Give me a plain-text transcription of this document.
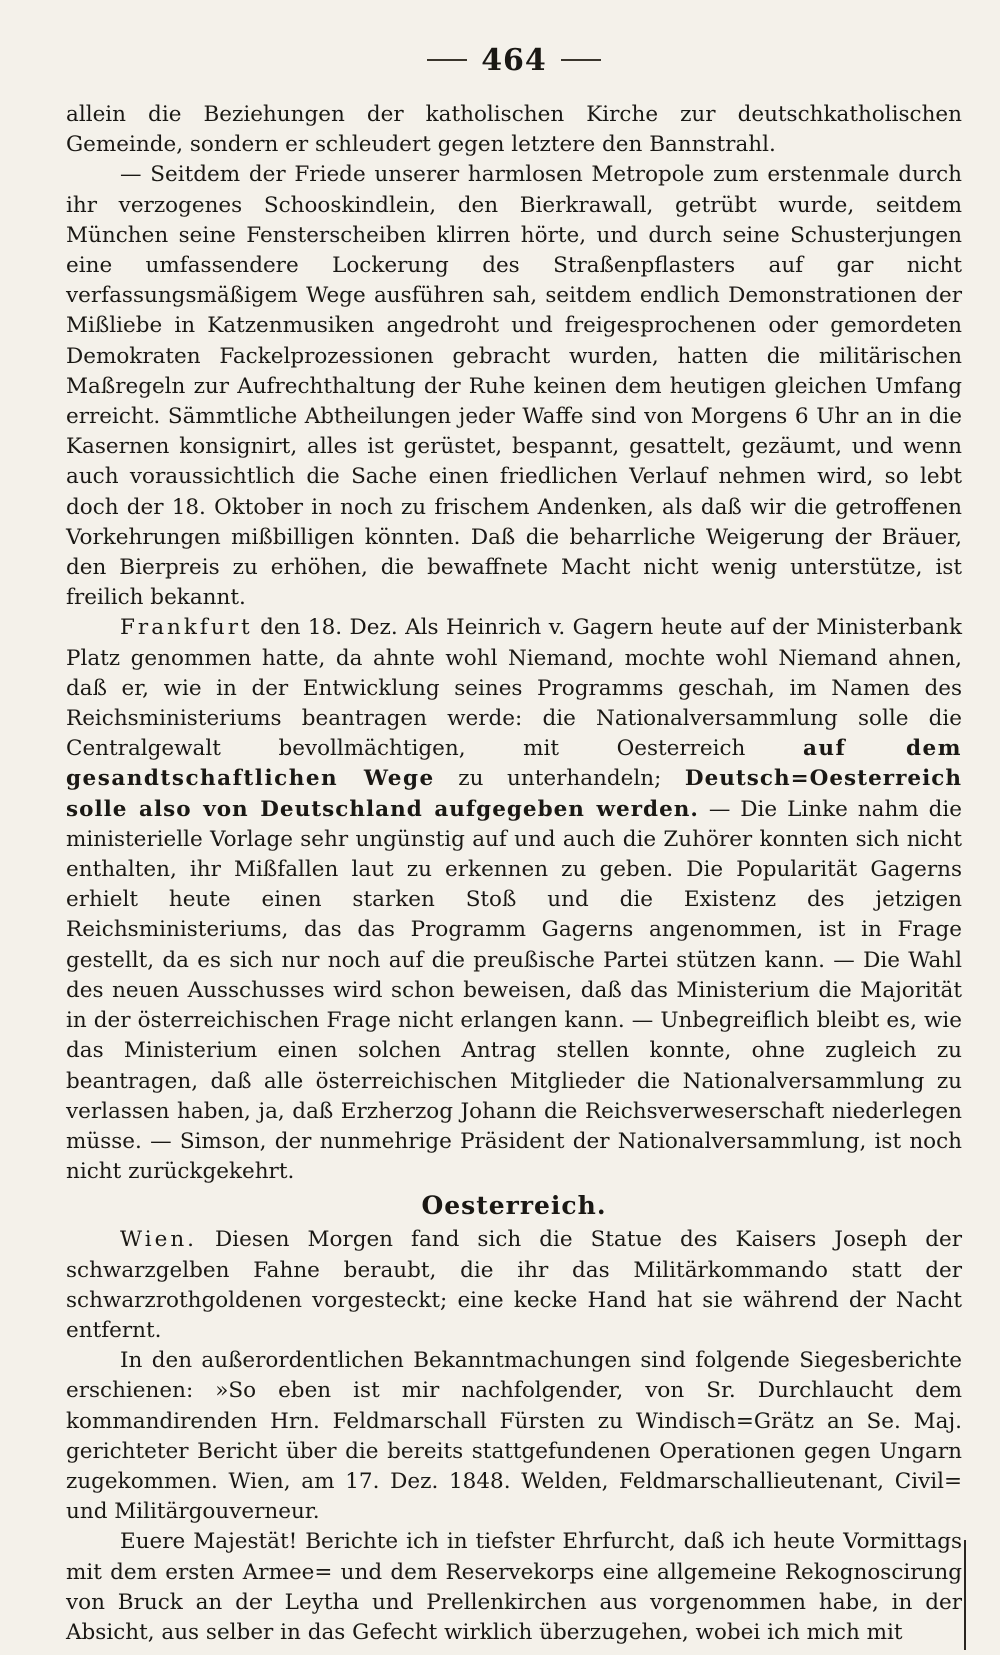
464

allein die Beziehungen der katholischen Kirche zur deutschkatholischen Gemeinde, sondern er schleudert gegen letztere den Bannstrahl.

— Seitdem der Friede unserer harmlosen Metropole zum erstenmale durch ihr verzogenes Schooskindlein, den Bierkrawall, getrübt wurde, seitdem München seine Fensterscheiben klirren hörte, und durch seine Schusterjungen eine umfassendere Lockerung des Straßenpflasters auf gar nicht verfassungsmäßigem Wege ausführen sah, seitdem endlich Demonstrationen der Mißliebe in Katzenmusiken angedroht und freigesprochenen oder gemordeten Demokraten Fackelprozessionen gebracht wurden, hatten die militärischen Maßregeln zur Aufrechthaltung der Ruhe keinen dem heutigen gleichen Umfang erreicht. Sämmtliche Abtheilungen jeder Waffe sind von Morgens 6 Uhr an in die Kasernen konsignirt, alles ist gerüstet, bespannt, gesattelt, gezäumt, und wenn auch voraussichtlich die Sache einen friedlichen Verlauf nehmen wird, so lebt doch der 18. Oktober in noch zu frischem Andenken, als daß wir die getroffenen Vorkehrungen mißbilligen könnten. Daß die beharrliche Weigerung der Bräuer, den Bierpreis zu erhöhen, die bewaffnete Macht nicht wenig unterstütze, ist freilich bekannt.

Frankfurt den 18. Dez. Als Heinrich v. Gagern heute auf der Ministerbank Platz genommen hatte, da ahnte wohl Niemand, mochte wohl Niemand ahnen, daß er, wie in der Entwicklung seines Programms geschah, im Namen des Reichsministeriums beantragen werde: die Nationalversammlung solle die Centralgewalt bevollmächtigen, mit Oesterreich auf dem gesandtschaftlichen Wege zu unterhandeln; Deutsch=Oesterreich solle also von Deutschland aufgegeben werden. — Die Linke nahm die ministerielle Vorlage sehr ungünstig auf und auch die Zuhörer konnten sich nicht enthalten, ihr Mißfallen laut zu erkennen zu geben. Die Popularität Gagerns erhielt heute einen starken Stoß und die Existenz des jetzigen Reichsministeriums, das das Programm Gagerns angenommen, ist in Frage gestellt, da es sich nur noch auf die preußische Partei stützen kann. — Die Wahl des neuen Ausschusses wird schon beweisen, daß das Ministerium die Majorität in der österreichischen Frage nicht erlangen kann. — Unbegreiflich bleibt es, wie das Ministerium einen solchen Antrag stellen konnte, ohne zugleich zu beantragen, daß alle österreichischen Mitglieder die Nationalversammlung zu verlassen haben, ja, daß Erzherzog Johann die Reichsverweserschaft niederlegen müsse. — Simson, der nunmehrige Präsident der Nationalversammlung, ist noch nicht zurückgekehrt.

Oesterreich.

Wien. Diesen Morgen fand sich die Statue des Kaisers Joseph der schwarzgelben Fahne beraubt, die ihr das Militärkommando statt der schwarzrothgoldenen vorgesteckt; eine kecke Hand hat sie während der Nacht entfernt.

In den außerordentlichen Bekanntmachungen sind folgende Siegesberichte erschienen: »So eben ist mir nachfolgender, von Sr. Durchlaucht dem kommandirenden Hrn. Feldmarschall Fürsten zu Windisch=Grätz an Se. Maj. gerichteter Bericht über die bereits stattgefundenen Operationen gegen Ungarn zugekommen. Wien, am 17. Dez. 1848. Welden, Feldmarschallieutenant, Civil= und Militärgouverneur.

Euere Majestät! Berichte ich in tiefster Ehrfurcht, daß ich heute Vormittags mit dem ersten Armee= und dem Reservekorps eine allgemeine Rekognoscirung von Bruck an der Leytha und Prellenkirchen aus vorgenommen habe, in der Absicht, aus selber in das Gefecht wirklich überzugehen, wobei ich mich mit
